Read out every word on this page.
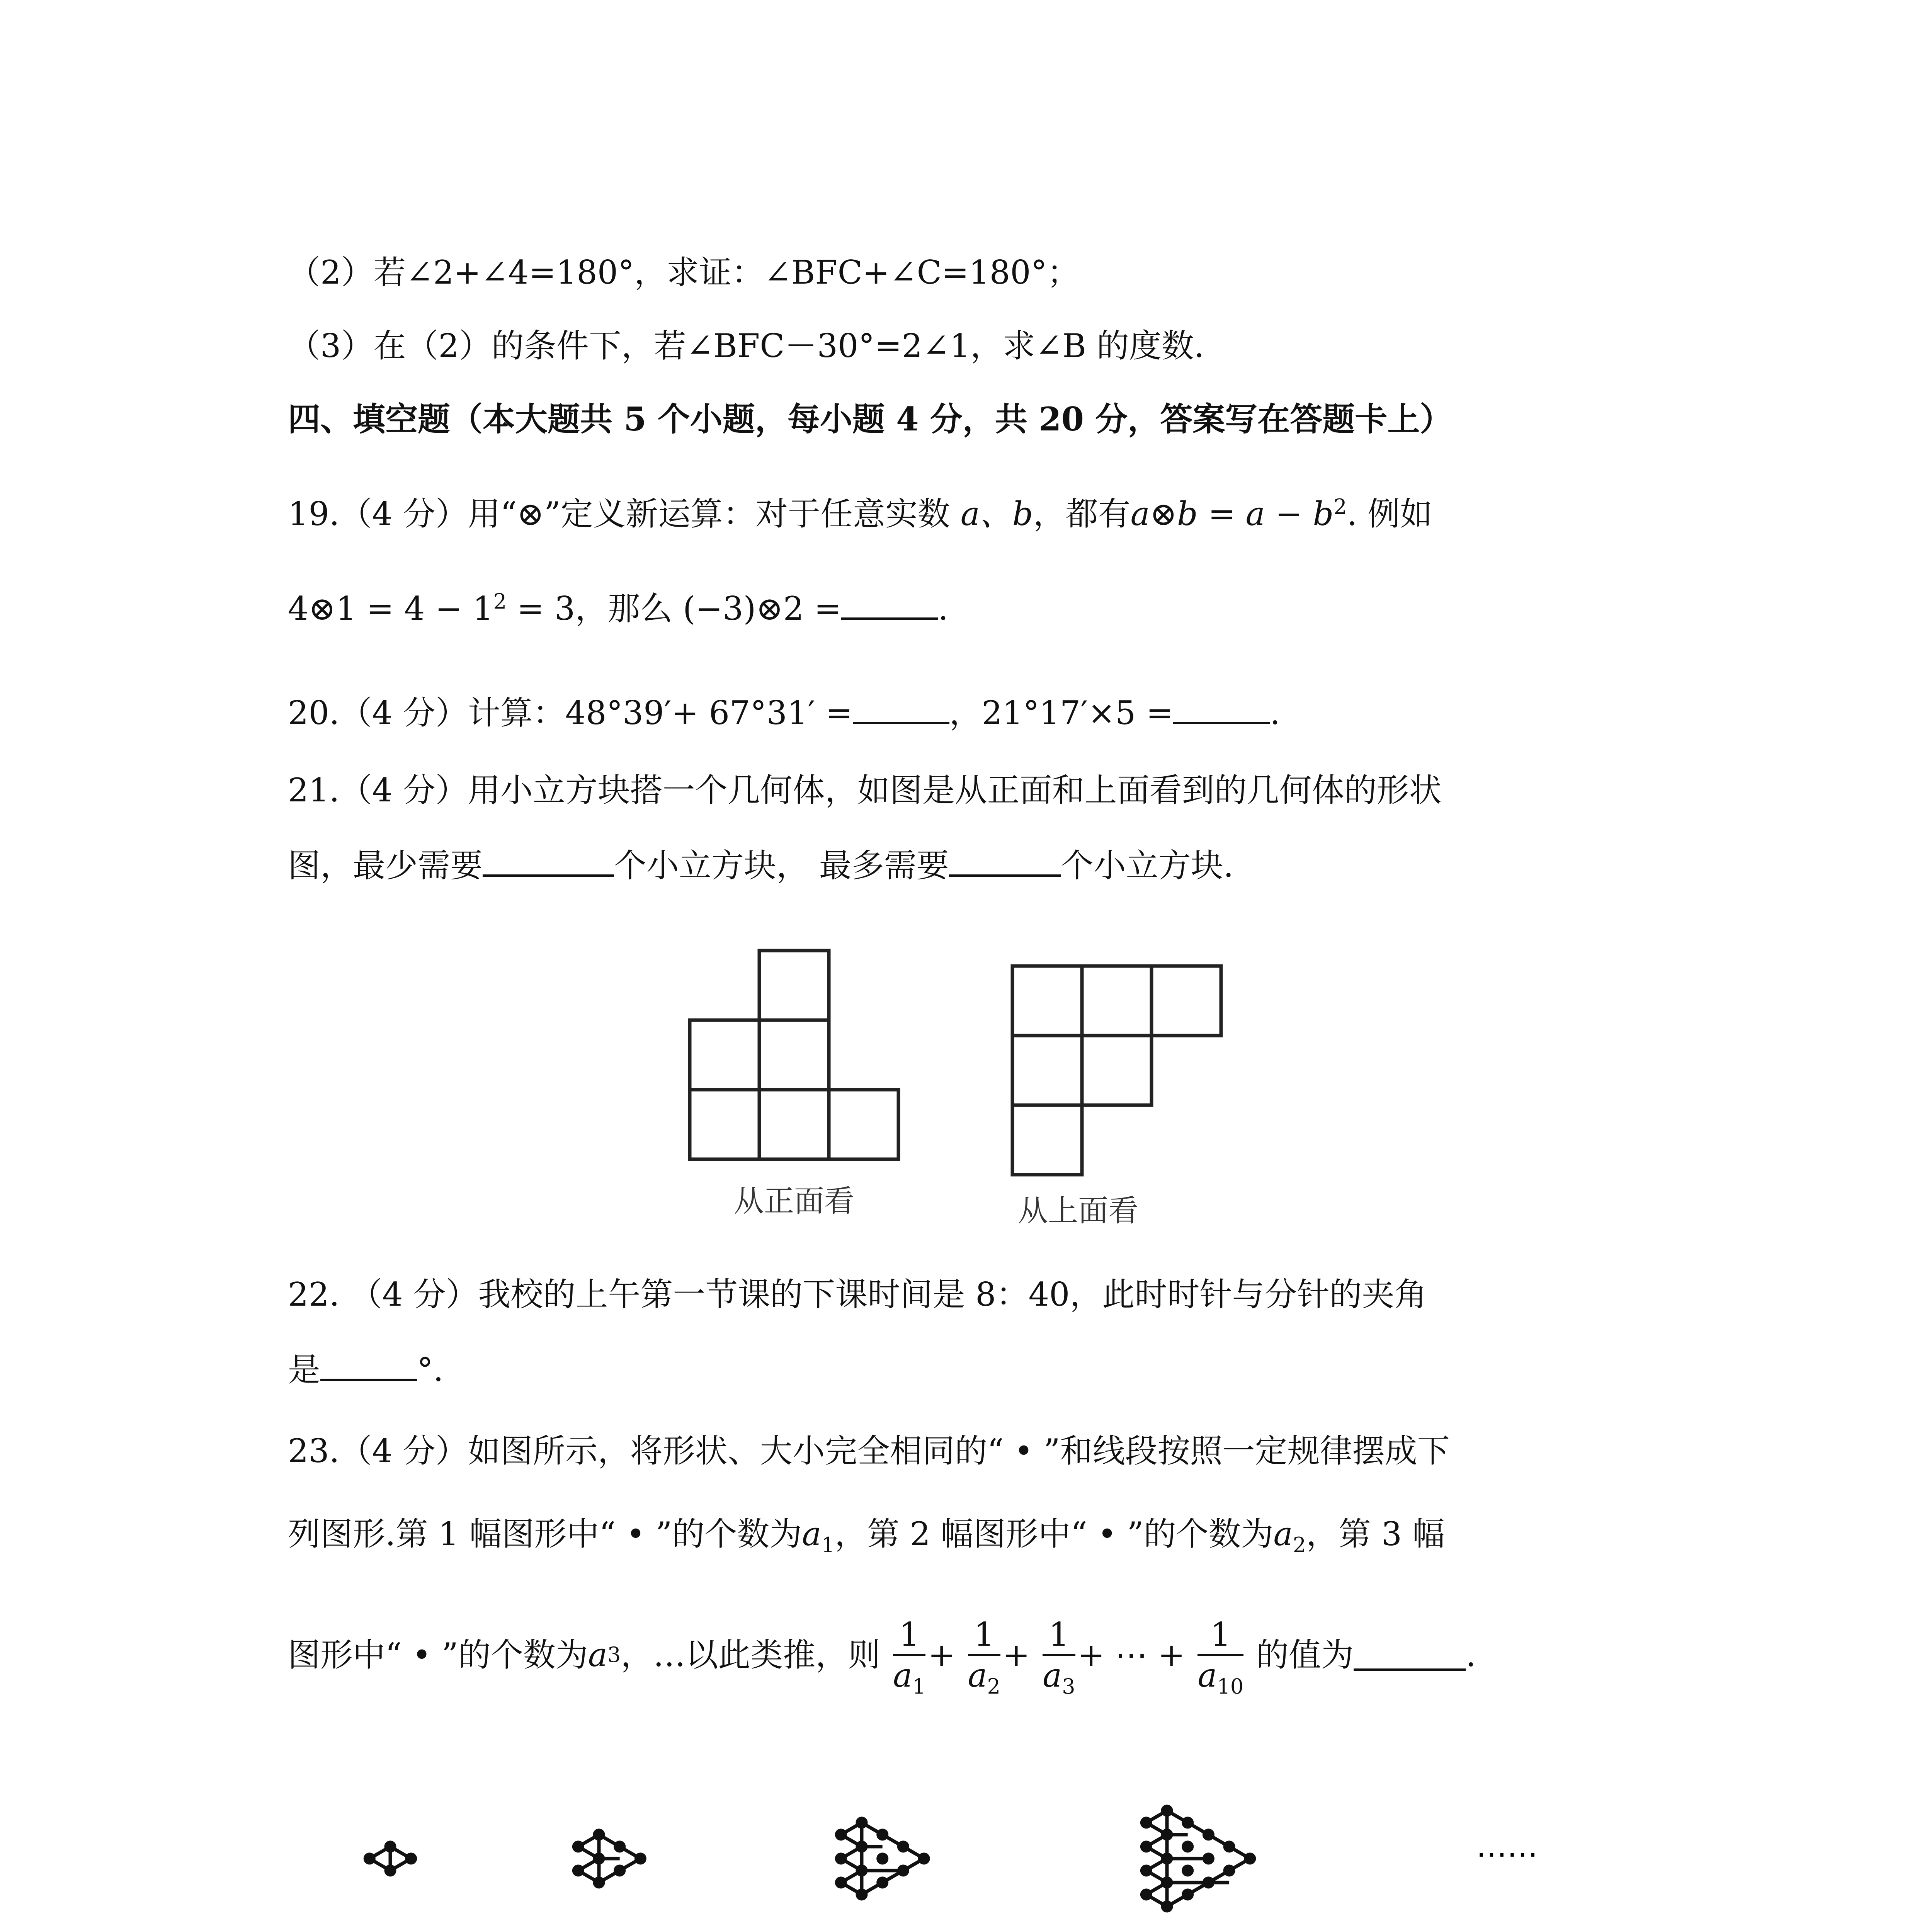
（2）若∠2+∠4=180°，求证：∠BFC+∠C=180°；
（3）在（2）的条件下，若∠BFC－30°=2∠1，求∠B 的度数.
四、填空题（本大题共 5 个小题，每小题 4 分，共 20 分，答案写在答题卡上）
19.（4 分）用“⊗”定义新运算：对于任意实数 a、b，都有a⊗b = $a - b^2$. 例如
4⊗1 = $4 - 1^2 = 3$，那么 (−3)⊗2 =	.
20.（4 分）计算：48°39′+ 67°31′ =	，21°17′×5 =	.
21.（4 分）用小立方块搭一个几何体，如图是从正面和上面看到的几何体的形状
图，最少需要	个小立方块， 最多需要	个小立方块.
从正面看	从上面看
22. （4 分）我校的上午第一节课的下课时间是 8：40，此时时针与分针的夹角
是	°.
23.（4 分）如图所示，将形状、大小完全相同的“ • ”和线段按照一定规律摆成下
列图形.第 1 幅图形中“ • ”的个数为$a_1$，第 2 幅图形中“ • ”的个数为$a_2$，第 3 幅
图形中“ • ”的个数为a3，…以此类推，则 $\frac{1}{a_1} + \frac{1}{a_2} + \frac{1}{a_3}$ + ⋯ + $\frac{1}{a_{10}}$ 的值为	.
……
